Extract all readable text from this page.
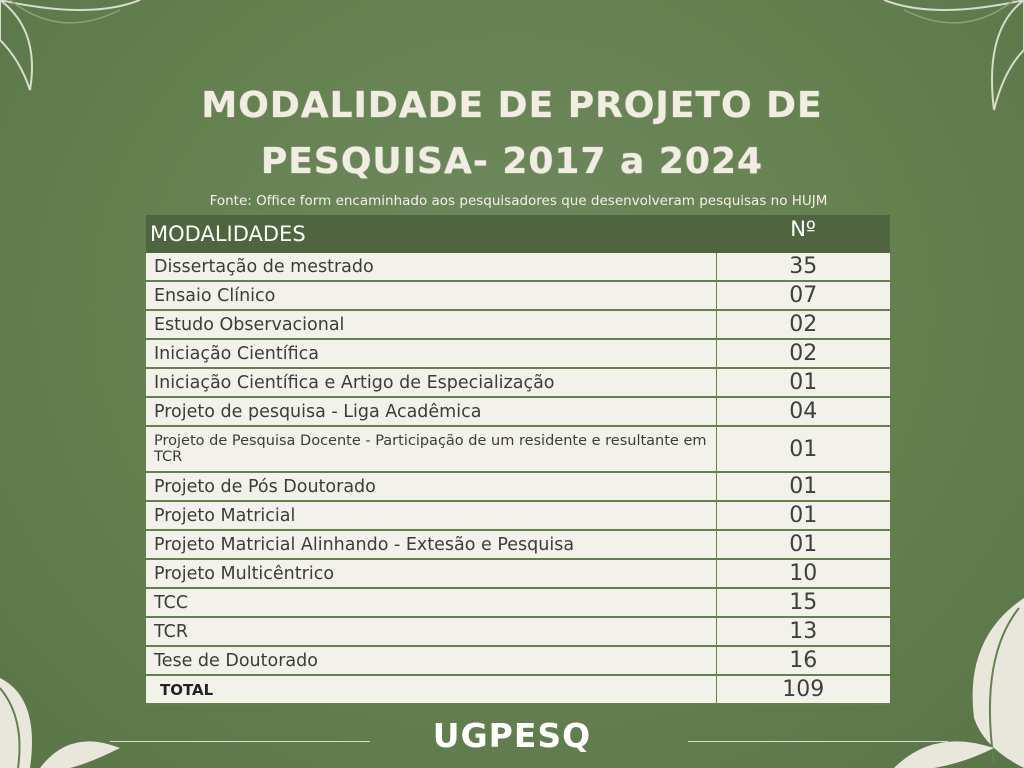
MODALIDADE DE PROJETO DE
PESQUISA- 2017 a 2024
Fonte: Office form encaminhado aos pesquisadores que desenvolveram pesquisas no HUJM
MODALIDADES	Nº
Dissertação de mestrado	35
Ensaio Clínico	07
Estudo Observacional	02
Iniciação Científica	02
Iniciação Científica e Artigo de Especialização	01
Projeto de pesquisa - Liga Acadêmica	04
Projeto de Pesquisa Docente - Participação de um residente e resultante em TCR	01
Projeto de Pós Doutorado	01
Projeto Matricial	01
Projeto Matricial Alinhando - Extesão e Pesquisa	01
Projeto Multicêntrico	10
TCC	15
TCR	13
Tese de Doutorado	16
TOTAL	109
UGPESQ
